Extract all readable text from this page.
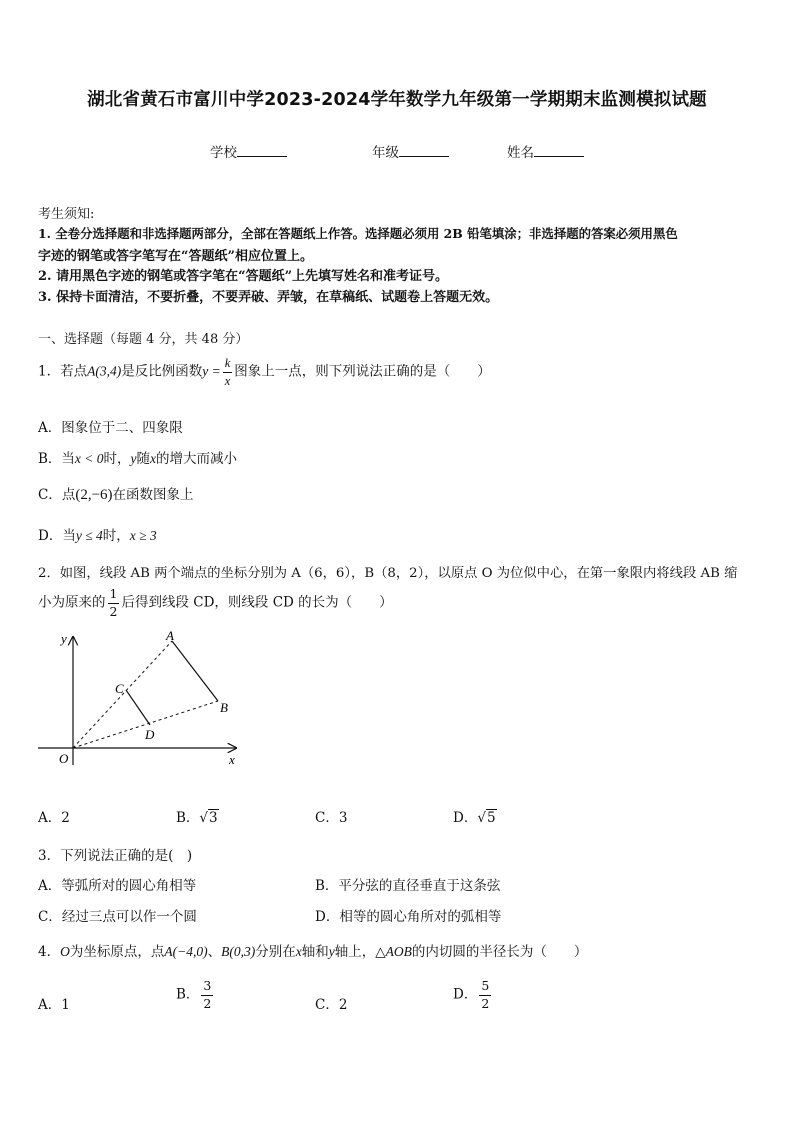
湖北省黄石市富川中学2023-2024学年数学九年级第一学期期末监测模拟试题
学校	年级	姓名
考生须知:
1. 全卷分选择题和非选择题两部分，全部在答题纸上作答。选择题必须用 2B 铅笔填涂；非选择题的答案必须用黑色
字迹的钢笔或答字笔写在“答题纸”相应位置上。
2. 请用黑色字迹的钢笔或答字笔在“答题纸”上先填写姓名和准考证号。
3. 保持卡面清洁，不要折叠，不要弄破、弄皱，在草稿纸、试题卷上答题无效。
一、选择题（每题 4 分，共 48 分）
1．若点A(3,4)是反比例函数$y = \frac{k}{x}$ 图象上一点，则下列说法正确的是（　　）
A．图象位于二、四象限
B．当x < 0时，y随x的增大而减小
C．点(2,−6)在函数图象上
D．当y ≤ 4时，x ≥ 3
2．如图，线段 AB 两个端点的坐标分别为 A（6，6），B（8，2），以原点 O 为位似中心，在第一象限内将线段 AB 缩
小为原来的 $\frac{1}{2}$ 后得到线段 CD，则线段 CD 的长为（　　）
y
x
O
A
B
C
D
A．2	B．√3	C．3	D．√5
3．下列说法正确的是(　)
A．等弧所对的圆心角相等	B．平分弦的直径垂直于这条弦
C．经过三点可以作一个圆	D．相等的圆心角所对的弧相等
4．O为坐标原点，点A(−4,0)、B(0,3)分别在x轴和y轴上，△AOB的内切圆的半径长为（　　）
A．1
B． $\frac{3}{2}$	C．2
D． $\frac{5}{2}$
